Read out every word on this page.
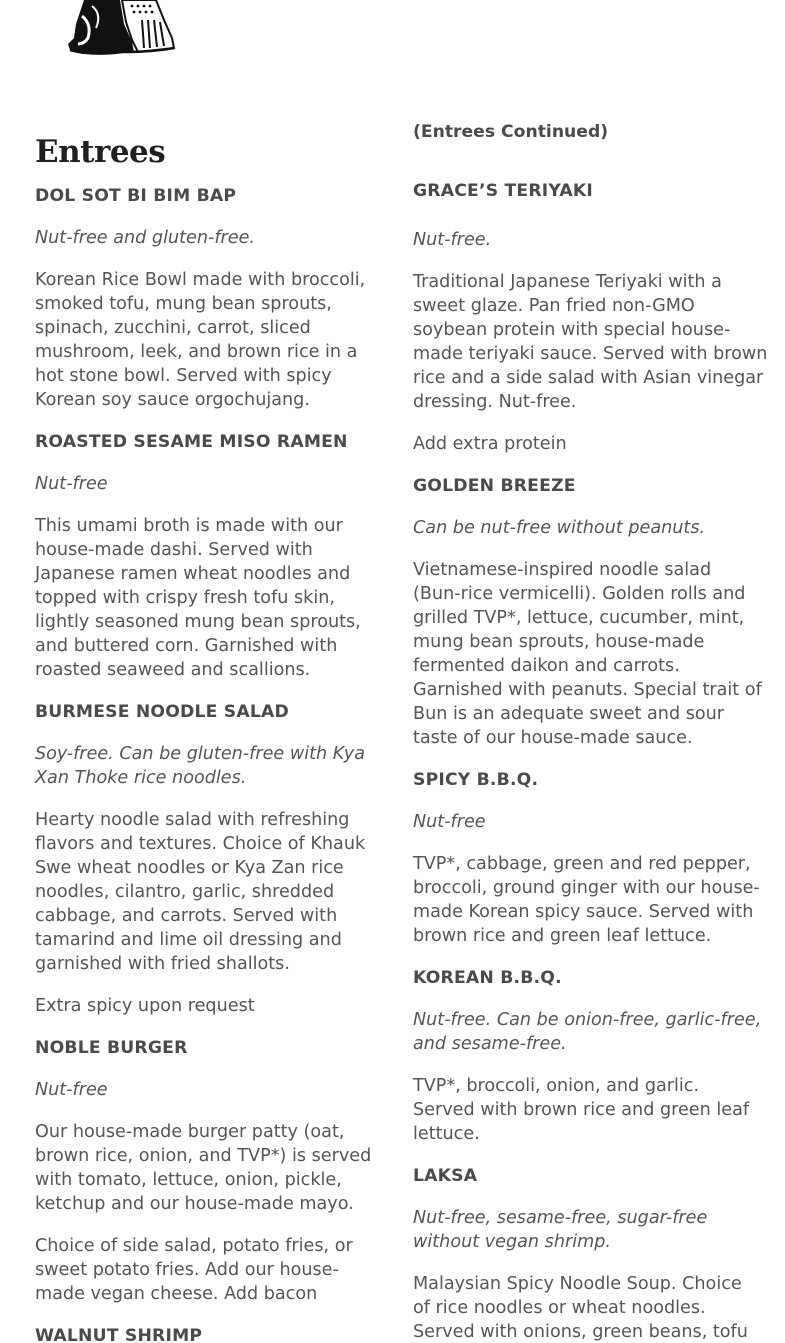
Entrees
DOL SOT BI BIM BAP
Nut-free and gluten-free.
Korean Rice Bowl made with broccoli,
smoked tofu, mung bean sprouts,
spinach, zucchini, carrot, sliced
mushroom, leek, and brown rice in a
hot stone bowl. Served with spicy
Korean soy sauce orgochujang.
ROASTED SESAME MISO RAMEN
Nut-free
This umami broth is made with our
house-made dashi. Served with
Japanese ramen wheat noodles and
topped with crispy fresh tofu skin,
lightly seasoned mung bean sprouts,
and buttered corn. Garnished with
roasted seaweed and scallions.
BURMESE NOODLE SALAD
Soy-free. Can be gluten-free with Kya
Xan Thoke rice noodles.
Hearty noodle salad with refreshing
flavors and textures. Choice of Khauk
Swe wheat noodles or Kya Zan rice
noodles, cilantro, garlic, shredded
cabbage, and carrots. Served with
tamarind and lime oil dressing and
garnished with fried shallots.
Extra spicy upon request
NOBLE BURGER
Nut-free
Our house-made burger patty (oat,
brown rice, onion, and TVP*) is served
with tomato, lettuce, onion, pickle,
ketchup and our house-made mayo.
Choice of side salad, potato fries, or
sweet potato fries. Add our house-
made vegan cheese. Add bacon
WALNUT SHRIMP
(Entrees Continued)
GRACE’S TERIYAKI
Nut-free.
Traditional Japanese Teriyaki with a
sweet glaze. Pan fried non-GMO
soybean protein with special house-
made teriyaki sauce. Served with brown
rice and a side salad with Asian vinegar
dressing. Nut-free.
Add extra protein
GOLDEN BREEZE
Can be nut-free without peanuts.
Vietnamese-inspired noodle salad
(Bun-rice vermicelli). Golden rolls and
grilled TVP*, lettuce, cucumber, mint,
mung bean sprouts, house-made
fermented daikon and carrots.
Garnished with peanuts. Special trait of
Bun is an adequate sweet and sour
taste of our house-made sauce.
SPICY B.B.Q.
Nut-free
TVP*, cabbage, green and red pepper,
broccoli, ground ginger with our house-
made Korean spicy sauce. Served with
brown rice and green leaf lettuce.
KOREAN B.B.Q.
Nut-free. Can be onion-free, garlic-free,
and sesame-free.
TVP*, broccoli, onion, and garlic.
Served with brown rice and green leaf
lettuce.
LAKSA
Nut-free, sesame-free, sugar-free
without vegan shrimp.
Malaysian Spicy Noodle Soup. Choice
of rice noodles or wheat noodles.
Served with onions, green beans, tofu
